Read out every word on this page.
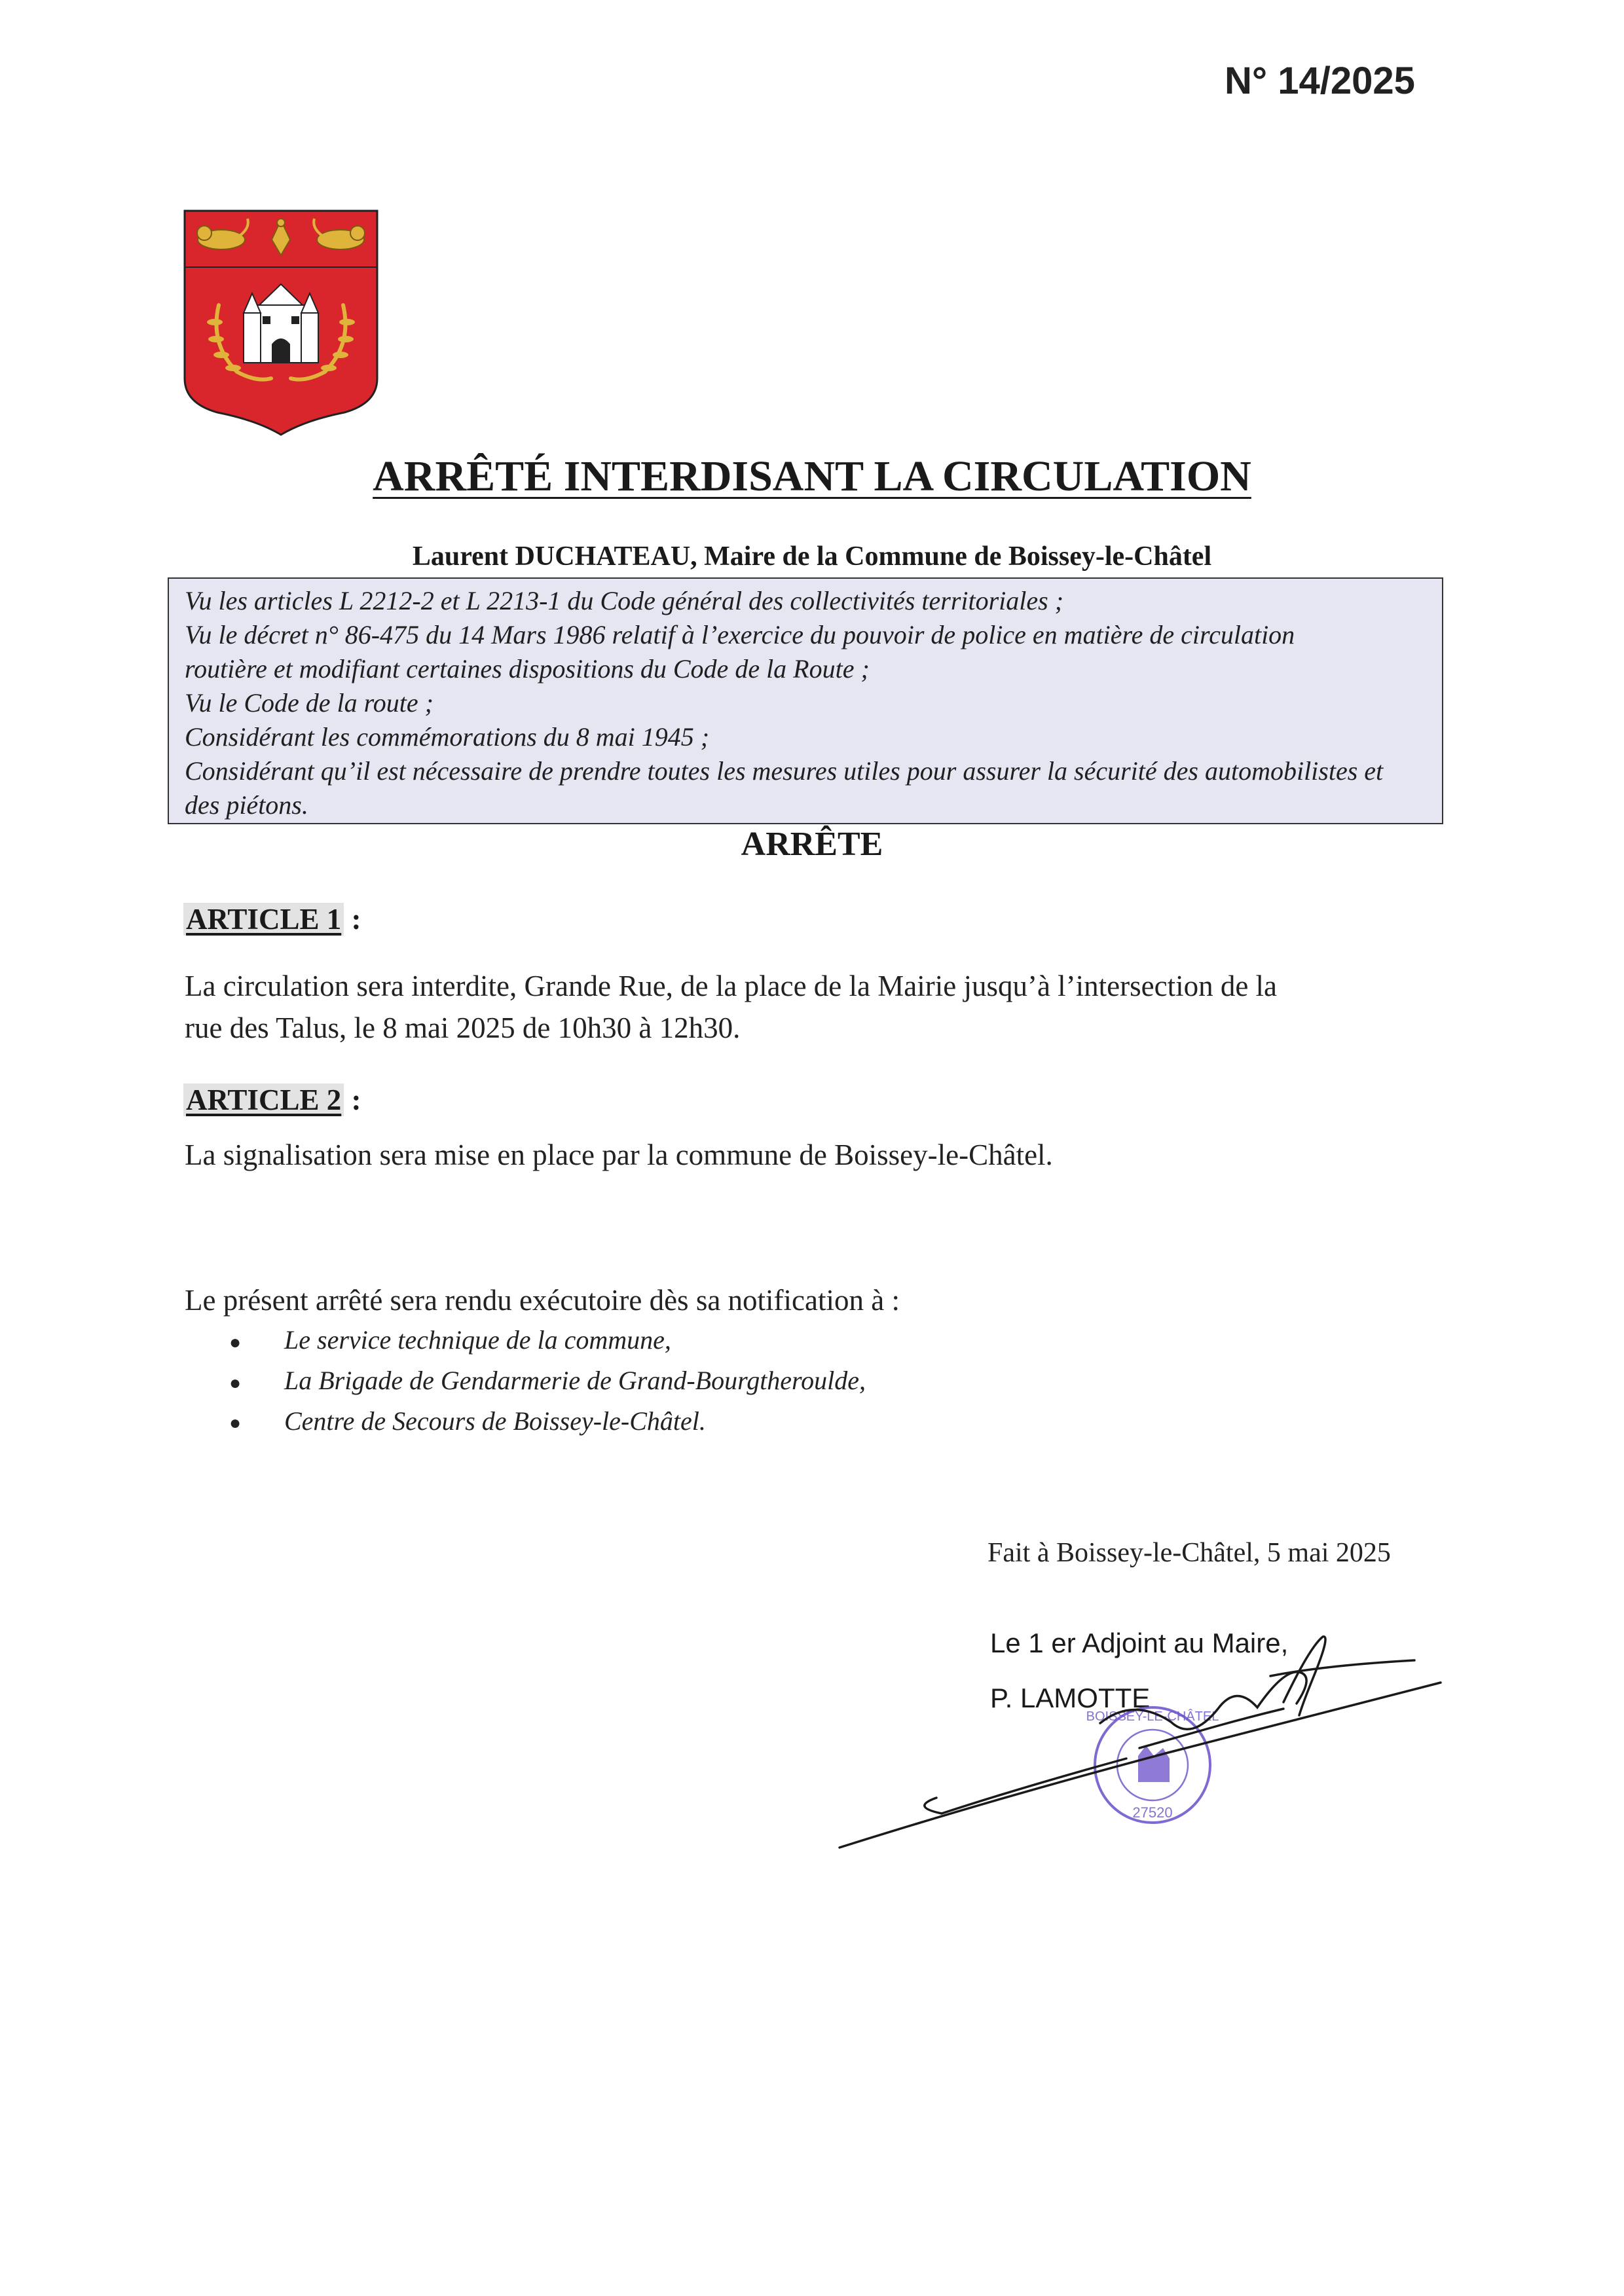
N° 14/2025
ARRÊTÉ INTERDISANT LA CIRCULATION
Laurent DUCHATEAU, Maire de la Commune de Boissey-le-Châtel
Vu les articles L 2212-2 et L 2213-1 du Code général des collectivités territoriales ;
Vu le décret n° 86-475 du 14 Mars 1986 relatif à l’exercice du pouvoir de police en matière de circulation
routière et modifiant certaines dispositions du Code de la Route ;
Vu le Code de la route ;
Considérant les commémorations du 8 mai 1945 ;
Considérant qu’il est nécessaire de prendre toutes les mesures utiles pour assurer la sécurité des automobilistes et
des piétons.
ARRÊTE
ARTICLE 1 :
La circulation sera interdite, Grande Rue, de la place de la Mairie jusqu’à l’intersection de la
rue des Talus, le 8 mai 2025 de 10h30 à 12h30.
ARTICLE 2 :
La signalisation sera mise en place par la commune de Boissey-le-Châtel.
Le présent arrêté sera rendu exécutoire dès sa notification à :
● Le service technique de la commune,
● La Brigade de Gendarmerie de Grand-Bourgtheroulde,
● Centre de Secours de Boissey-le-Châtel.
Fait à Boissey-le-Châtel, 5 mai 2025
Le 1 er Adjoint au Maire,
P. LAMOTTE
BOISSEY-LE-CHÂTEL
27520
